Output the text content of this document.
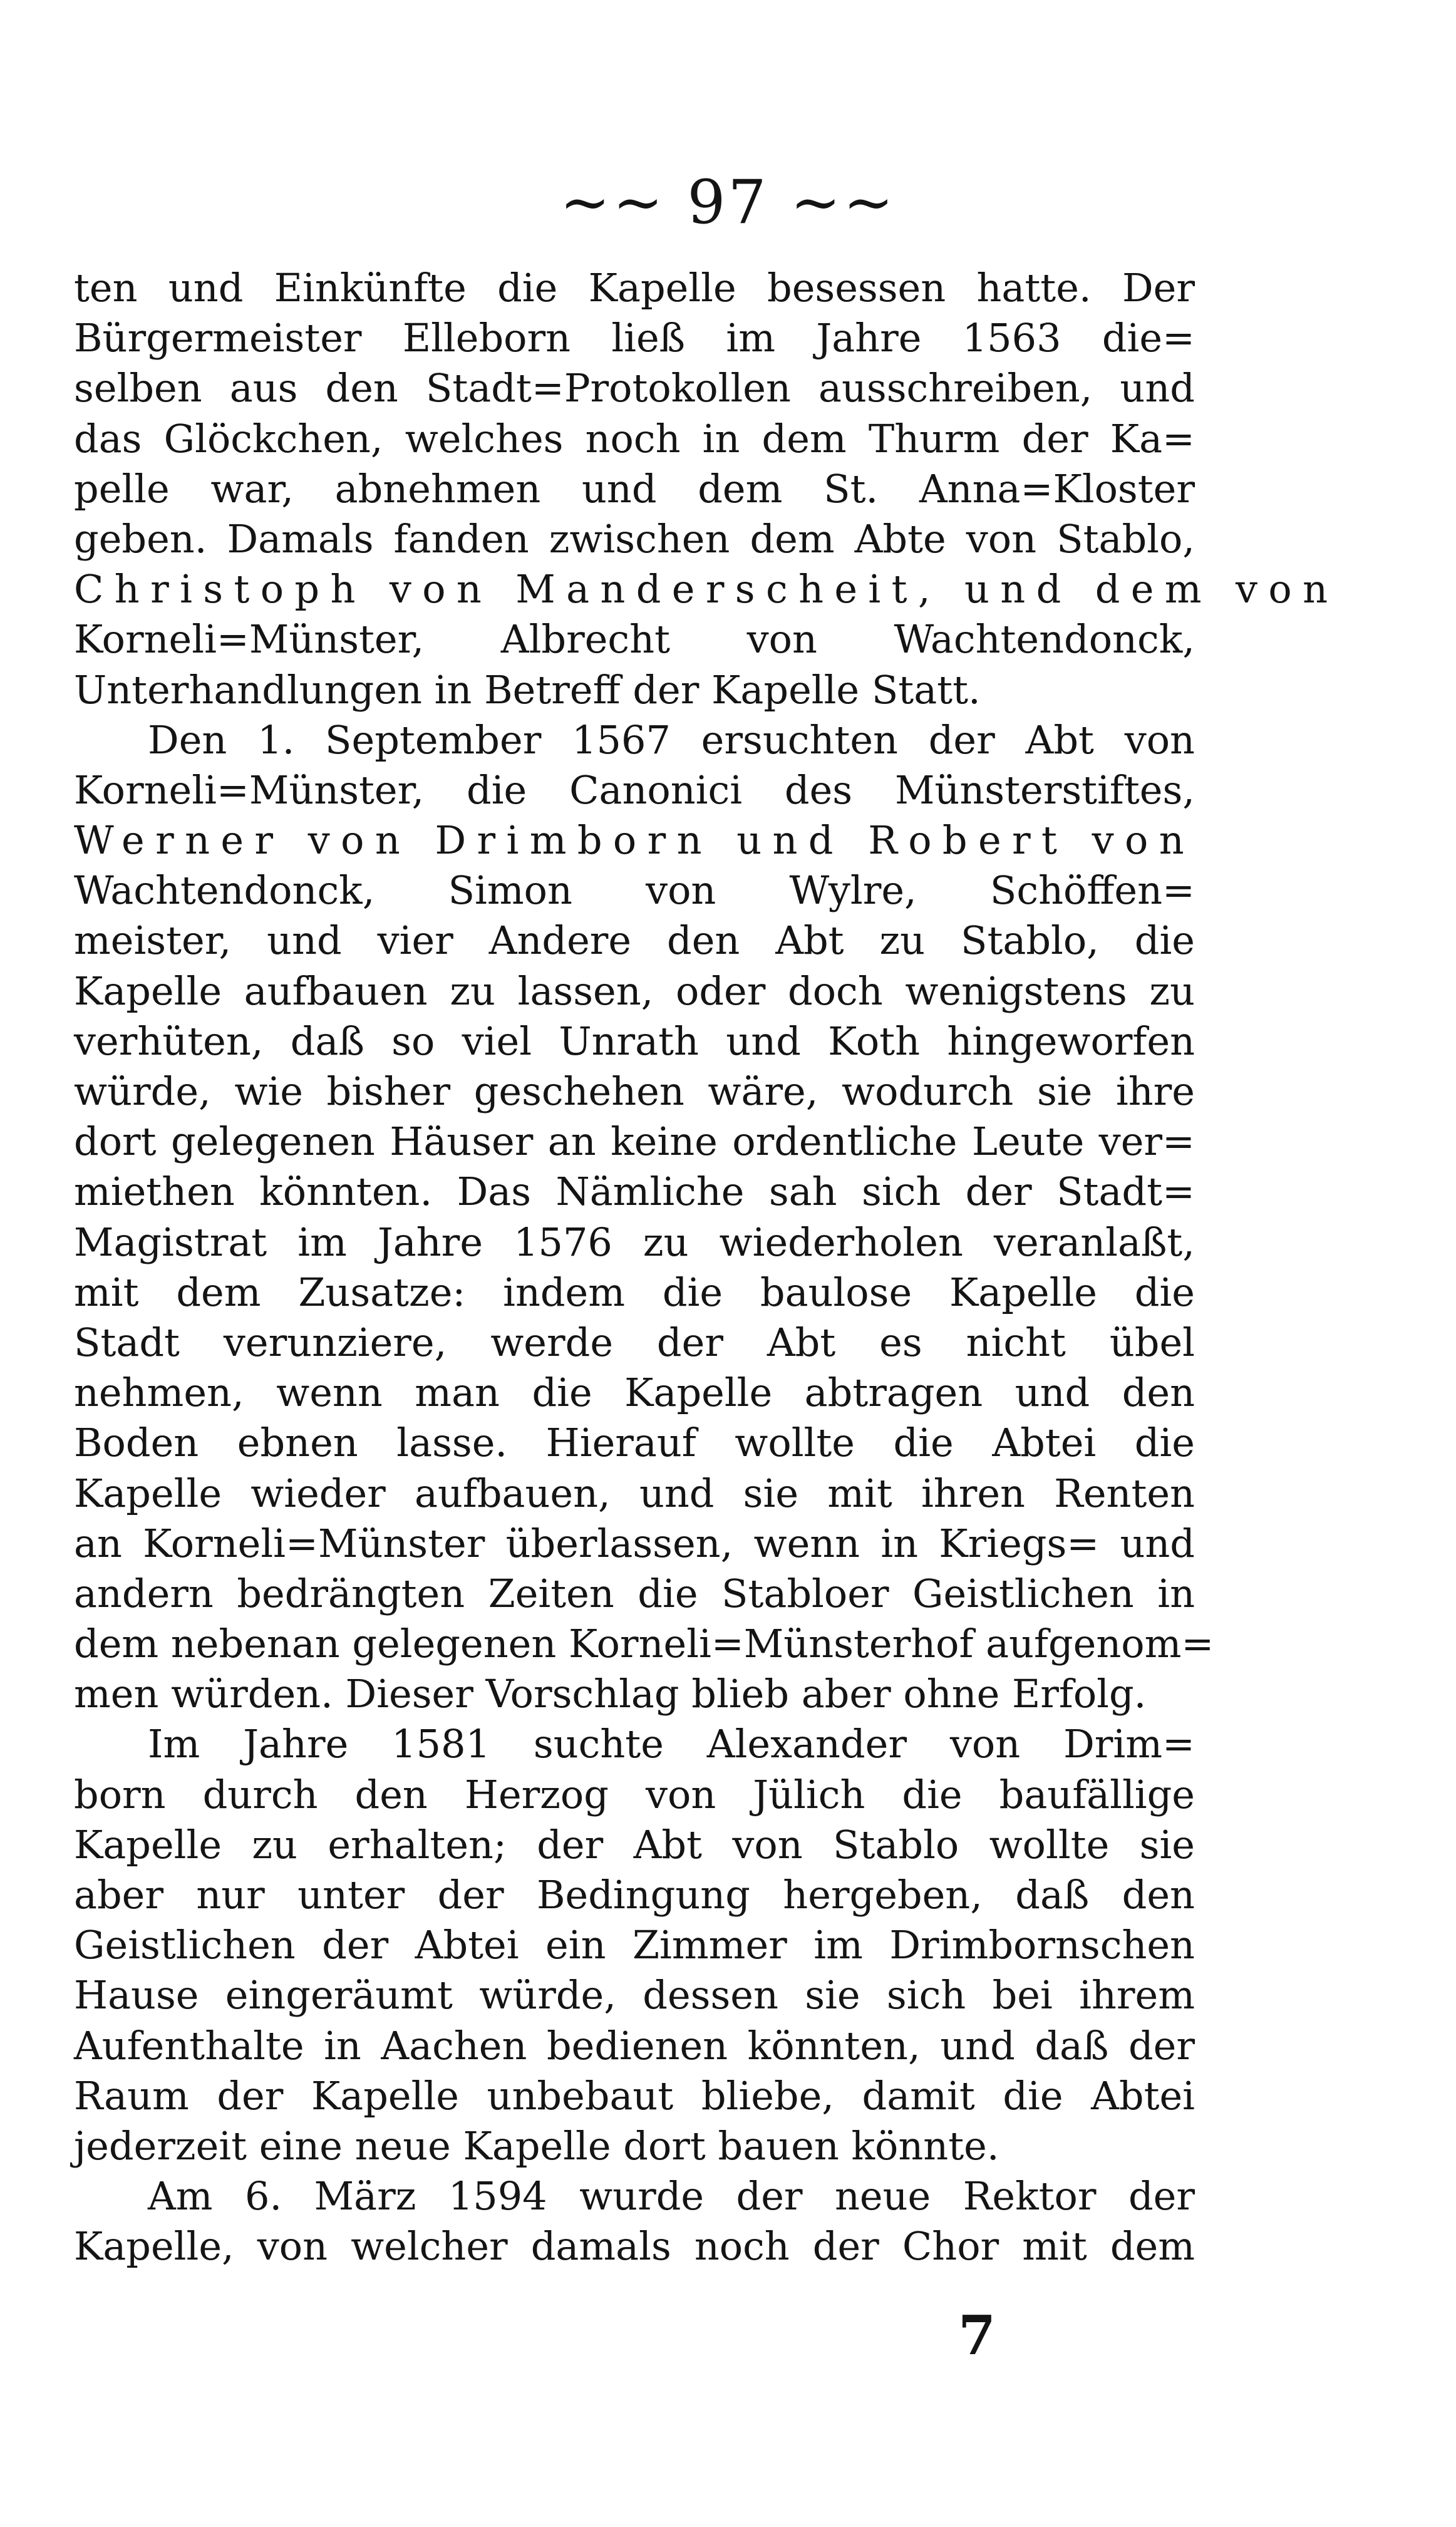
~~ 97 ~~
ten und Einkünfte die Kapelle besessen hatte. Der
Bürgermeister Elleborn ließ im Jahre 1563 die=
selben aus den Stadt=Protokollen ausschreiben, und
das Glöckchen, welches noch in dem Thurm der Ka=
pelle war, abnehmen und dem St. Anna=Kloster
geben. Damals fanden zwischen dem Abte von Stablo,
Christoph von Manderscheit, und dem von
Korneli=Münster, Albrecht von Wachtendonck,
Unterhandlungen in Betreff der Kapelle Statt.
Den 1. September 1567 ersuchten der Abt von
Korneli=Münster, die Canonici des Münsterstiftes,
Werner von Drimborn und Robert von
Wachtendonck, Simon von Wylre, Schöffen=
meister, und vier Andere den Abt zu Stablo, die
Kapelle aufbauen zu lassen, oder doch wenigstens zu
verhüten, daß so viel Unrath und Koth hingeworfen
würde, wie bisher geschehen wäre, wodurch sie ihre
dort gelegenen Häuser an keine ordentliche Leute ver=
miethen könnten. Das Nämliche sah sich der Stadt=
Magistrat im Jahre 1576 zu wiederholen veranlaßt,
mit dem Zusatze: indem die baulose Kapelle die
Stadt verunziere, werde der Abt es nicht übel
nehmen, wenn man die Kapelle abtragen und den
Boden ebnen lasse. Hierauf wollte die Abtei die
Kapelle wieder aufbauen, und sie mit ihren Renten
an Korneli=Münster überlassen, wenn in Kriegs= und
andern bedrängten Zeiten die Stabloer Geistlichen in
dem nebenan gelegenen Korneli=Münsterhof aufgenom=
men würden. Dieser Vorschlag blieb aber ohne Erfolg.
Im Jahre 1581 suchte Alexander von Drim=
born durch den Herzog von Jülich die baufällige
Kapelle zu erhalten; der Abt von Stablo wollte sie
aber nur unter der Bedingung hergeben, daß den
Geistlichen der Abtei ein Zimmer im Drimbornschen
Hause eingeräumt würde, dessen sie sich bei ihrem
Aufenthalte in Aachen bedienen könnten, und daß der
Raum der Kapelle unbebaut bliebe, damit die Abtei
jederzeit eine neue Kapelle dort bauen könnte.
Am 6. März 1594 wurde der neue Rektor der
Kapelle, von welcher damals noch der Chor mit dem
7
